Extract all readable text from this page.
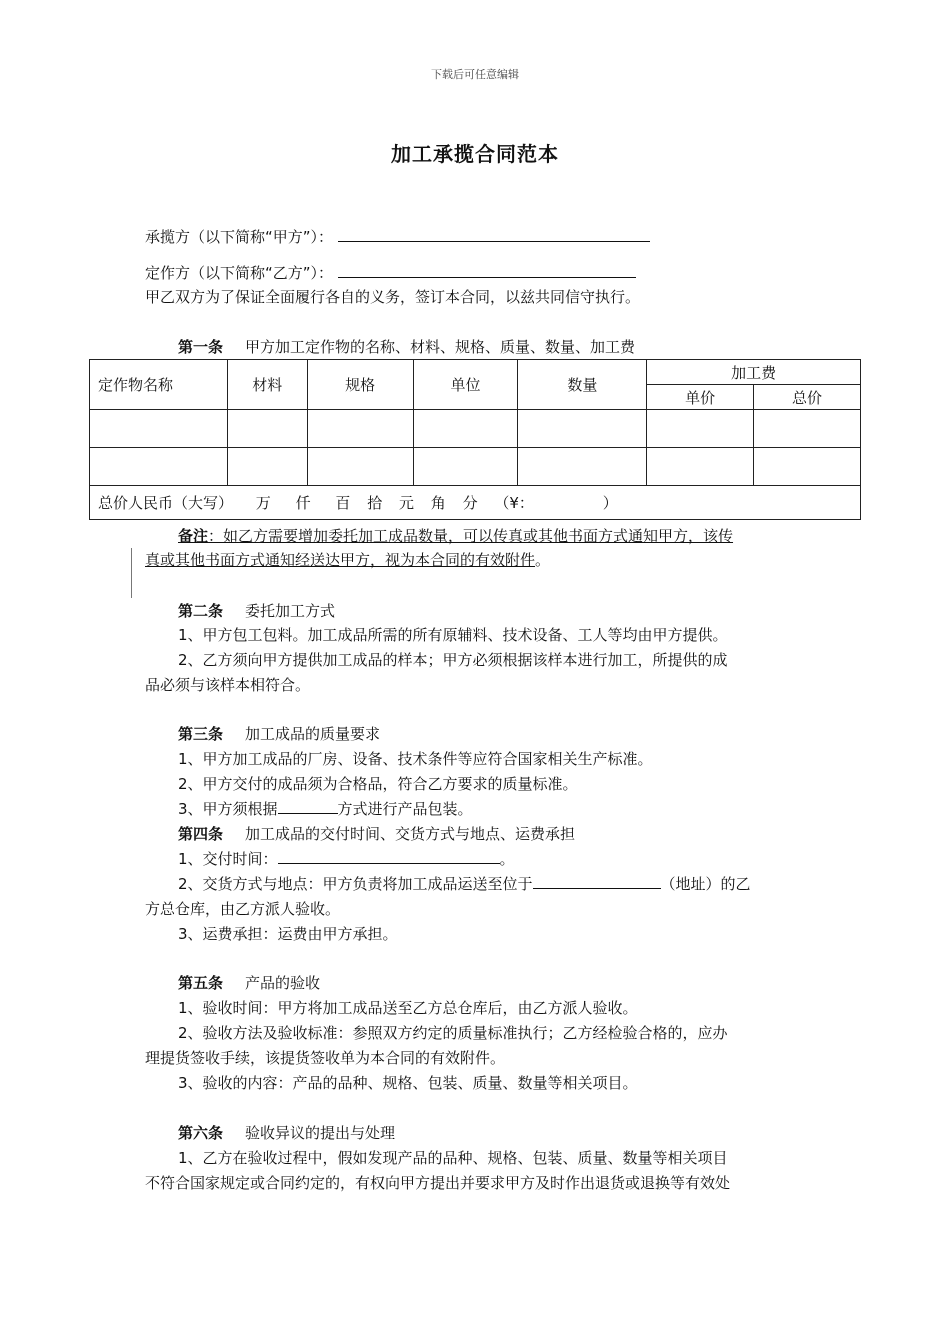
下载后可任意编辑
加工承揽合同范本
承揽方（以下简称“甲方”）：
定作方（以下简称“乙方”）：
甲乙双方为了保证全面履行各自的义务，签订本合同，以兹共同信守执行。
第一条 甲方加工定作物的名称、材料、规格、质量、数量、加工费
定作物名称	材料	规格	单位	数量	加工费	
					单价	总价

总价人民币（大写） 万 仟 百 拾 元 角 分 （¥： ）						
备注：如乙方需要增加委托加工成品数量，可以传真或其他书面方式通知甲方，该传
真或其他书面方式通知经送达甲方，视为本合同的有效附件。
第二条 委托加工方式
1、甲方包工包料。加工成品所需的所有原辅料、技术设备、工人等均由甲方提供。
2、乙方须向甲方提供加工成品的样本；甲方必须根据该样本进行加工，所提供的成
品必须与该样本相符合。
第三条 加工成品的质量要求
1、甲方加工成品的厂房、设备、技术条件等应符合国家相关生产标准。
2、甲方交付的成品须为合格品，符合乙方要求的质量标准。
3、甲方须根据	方式进行产品包装。
第四条 加工成品的交付时间、交货方式与地点、运费承担
1、交付时间：	。
2、交货方式与地点：甲方负责将加工成品运送至位于	（地址）的乙
方总仓库，由乙方派人验收。
3、运费承担：运费由甲方承担。
第五条 产品的验收
1、验收时间：甲方将加工成品送至乙方总仓库后，由乙方派人验收。
2、验收方法及验收标准：参照双方约定的质量标准执行；乙方经检验合格的，应办
理提货签收手续，该提货签收单为本合同的有效附件。
3、验收的内容：产品的品种、规格、包装、质量、数量等相关项目。
第六条 验收异议的提出与处理
1、乙方在验收过程中，假如发现产品的品种、规格、包装、质量、数量等相关项目
不符合国家规定或合同约定的，有权向甲方提出并要求甲方及时作出退货或退换等有效处
